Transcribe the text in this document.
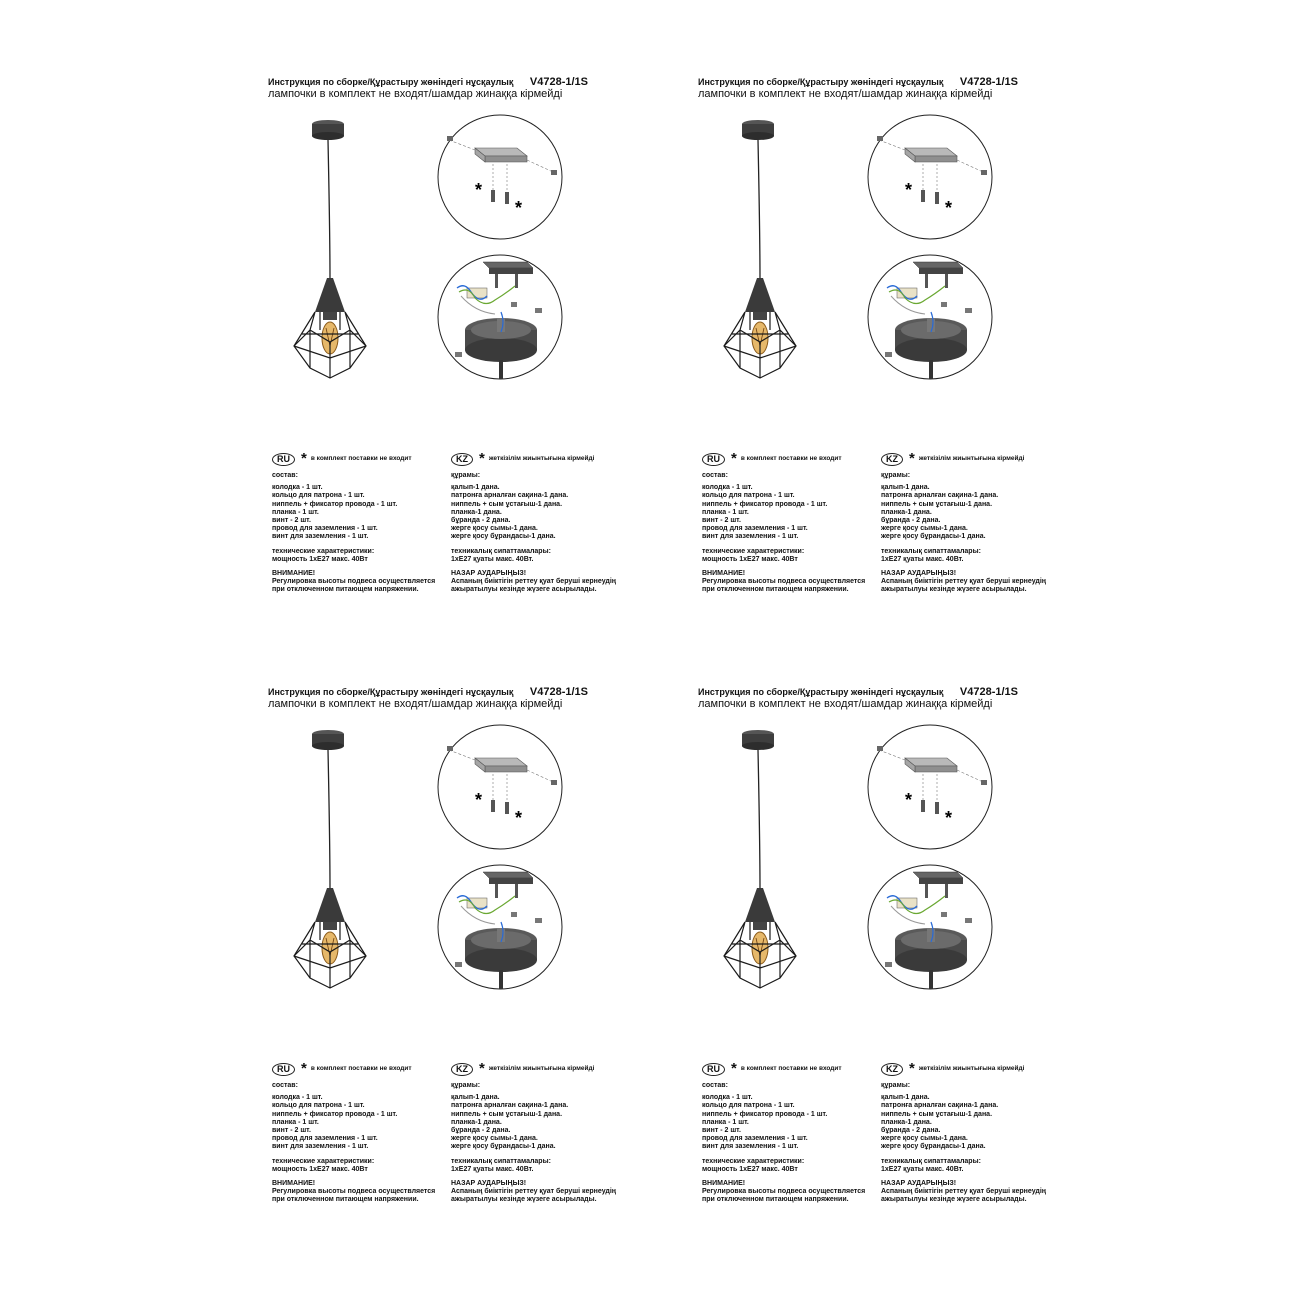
Инструкция по сборке/Құрастыру жөніндегі нұсқаулық V4728-1/1S
лампочки в комплект не входят/шамдар жинаққа кірмейді
*
*
RU * в комплект поставки не входит
состав:
колодка - 1 шт.
кольцо для патрона - 1 шт.
ниппель + фиксатор провода - 1 шт.
планка - 1 шт.
винт - 2 шт.
провод для заземления - 1 шт.
винт для заземления - 1 шт.
технические характеристики:
мощность 1хЕ27 макс. 40Вт
ВНИМАНИЕ!
Регулировка высоты подвеса осуществляется
при отключенном питающем напряжении.
KZ * жеткізілім жиынтығына кірмейді
құрамы:
қалып-1 дана.
патронға арналған сақина-1 дана.
ниппель + сым ұстағыш-1 дана.
планка-1 дана.
бұранда - 2 дана.
жерге қосу сымы-1 дана.
жерге қосу бұрандасы-1 дана.
техникалық сипаттамалары:
1хЕ27 қуаты макс. 40Вт.
НАЗАР АУДАРЫҢЫЗ!
Аспаның биіктігін реттеу қуат беруші кернеудің
ажыратылуы кезінде жүзеге асырылады.
Инструкция по сборке/Құрастыру жөніндегі нұсқаулық V4728-1/1S
лампочки в комплект не входят/шамдар жинаққа кірмейді
*
*
RU * в комплект поставки не входит
состав:
колодка - 1 шт.
кольцо для патрона - 1 шт.
ниппель + фиксатор провода - 1 шт.
планка - 1 шт.
винт - 2 шт.
провод для заземления - 1 шт.
винт для заземления - 1 шт.
технические характеристики:
мощность 1хЕ27 макс. 40Вт
ВНИМАНИЕ!
Регулировка высоты подвеса осуществляется
при отключенном питающем напряжении.
KZ * жеткізілім жиынтығына кірмейді
құрамы:
қалып-1 дана.
патронға арналған сақина-1 дана.
ниппель + сым ұстағыш-1 дана.
планка-1 дана.
бұранда - 2 дана.
жерге қосу сымы-1 дана.
жерге қосу бұрандасы-1 дана.
техникалық сипаттамалары:
1хЕ27 қуаты макс. 40Вт.
НАЗАР АУДАРЫҢЫЗ!
Аспаның биіктігін реттеу қуат беруші кернеудің
ажыратылуы кезінде жүзеге асырылады.
Инструкция по сборке/Құрастыру жөніндегі нұсқаулық V4728-1/1S
лампочки в комплект не входят/шамдар жинаққа кірмейді
*
*
RU * в комплект поставки не входит
состав:
колодка - 1 шт.
кольцо для патрона - 1 шт.
ниппель + фиксатор провода - 1 шт.
планка - 1 шт.
винт - 2 шт.
провод для заземления - 1 шт.
винт для заземления - 1 шт.
технические характеристики:
мощность 1хЕ27 макс. 40Вт
ВНИМАНИЕ!
Регулировка высоты подвеса осуществляется
при отключенном питающем напряжении.
KZ * жеткізілім жиынтығына кірмейді
құрамы:
қалып-1 дана.
патронға арналған сақина-1 дана.
ниппель + сым ұстағыш-1 дана.
планка-1 дана.
бұранда - 2 дана.
жерге қосу сымы-1 дана.
жерге қосу бұрандасы-1 дана.
техникалық сипаттамалары:
1хЕ27 қуаты макс. 40Вт.
НАЗАР АУДАРЫҢЫЗ!
Аспаның биіктігін реттеу қуат беруші кернеудің
ажыратылуы кезінде жүзеге асырылады.
Инструкция по сборке/Құрастыру жөніндегі нұсқаулық V4728-1/1S
лампочки в комплект не входят/шамдар жинаққа кірмейді
*
*
RU * в комплект поставки не входит
состав:
колодка - 1 шт.
кольцо для патрона - 1 шт.
ниппель + фиксатор провода - 1 шт.
планка - 1 шт.
винт - 2 шт.
провод для заземления - 1 шт.
винт для заземления - 1 шт.
технические характеристики:
мощность 1хЕ27 макс. 40Вт
ВНИМАНИЕ!
Регулировка высоты подвеса осуществляется
при отключенном питающем напряжении.
KZ * жеткізілім жиынтығына кірмейді
құрамы:
қалып-1 дана.
патронға арналған сақина-1 дана.
ниппель + сым ұстағыш-1 дана.
планка-1 дана.
бұранда - 2 дана.
жерге қосу сымы-1 дана.
жерге қосу бұрандасы-1 дана.
техникалық сипаттамалары:
1хЕ27 қуаты макс. 40Вт.
НАЗАР АУДАРЫҢЫЗ!
Аспаның биіктігін реттеу қуат беруші кернеудің
ажыратылуы кезінде жүзеге асырылады.
